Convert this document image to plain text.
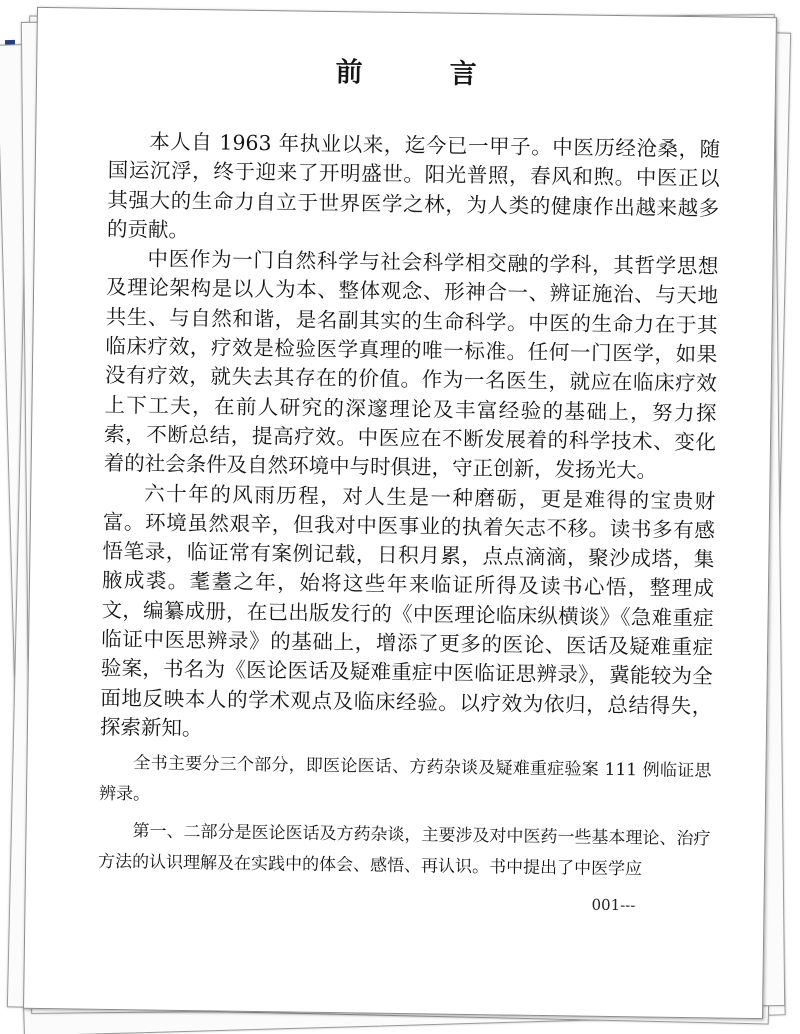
前　言

本人自 1963 年执业以来，迄今已一甲子。中医历经沧桑，随国运沉浮，终于迎来了开明盛世。阳光普照，春风和煦。中医正以其强大的生命力自立于世界医学之林，为人类的健康作出越来越多的贡献。

中医作为一门自然科学与社会科学相交融的学科，其哲学思想及理论架构是以人为本、整体观念、形神合一、辨证施治、与天地共生、与自然和谐，是名副其实的生命科学。中医的生命力在于其临床疗效，疗效是检验医学真理的唯一标准。任何一门医学，如果没有疗效，就失去其存在的价值。作为一名医生，就应在临床疗效上下工夫，在前人研究的深邃理论及丰富经验的基础上，努力探索，不断总结，提高疗效。中医应在不断发展着的科学技术、变化着的社会条件及自然环境中与时俱进，守正创新，发扬光大。

六十年的风雨历程，对人生是一种磨砺，更是难得的宝贵财富。环境虽然艰辛，但我对中医事业的执着矢志不移。读书多有感悟笔录，临证常有案例记载，日积月累，点点滴滴，聚沙成塔，集腋成裘。耄耋之年，始将这些年来临证所得及读书心悟，整理成文，编纂成册，在已出版发行的《中医理论临床纵横谈》《急难重症临证中医思辨录》的基础上，增添了更多的医论、医话及疑难重症验案，书名为《医论医话及疑难重症中医临证思辨录》，冀能较为全面地反映本人的学术观点及临床经验。以疗效为依归，总结得失，探索新知。

全书主要分三个部分，即医论医话、方药杂谈及疑难重症验案 111 例临证思辨录。

第一、二部分是医论医话及方药杂谈，主要涉及对中医药一些基本理论、治疗方法的认识理解及在实践中的体会、感悟、再认识。书中提出了中医学应

001---
